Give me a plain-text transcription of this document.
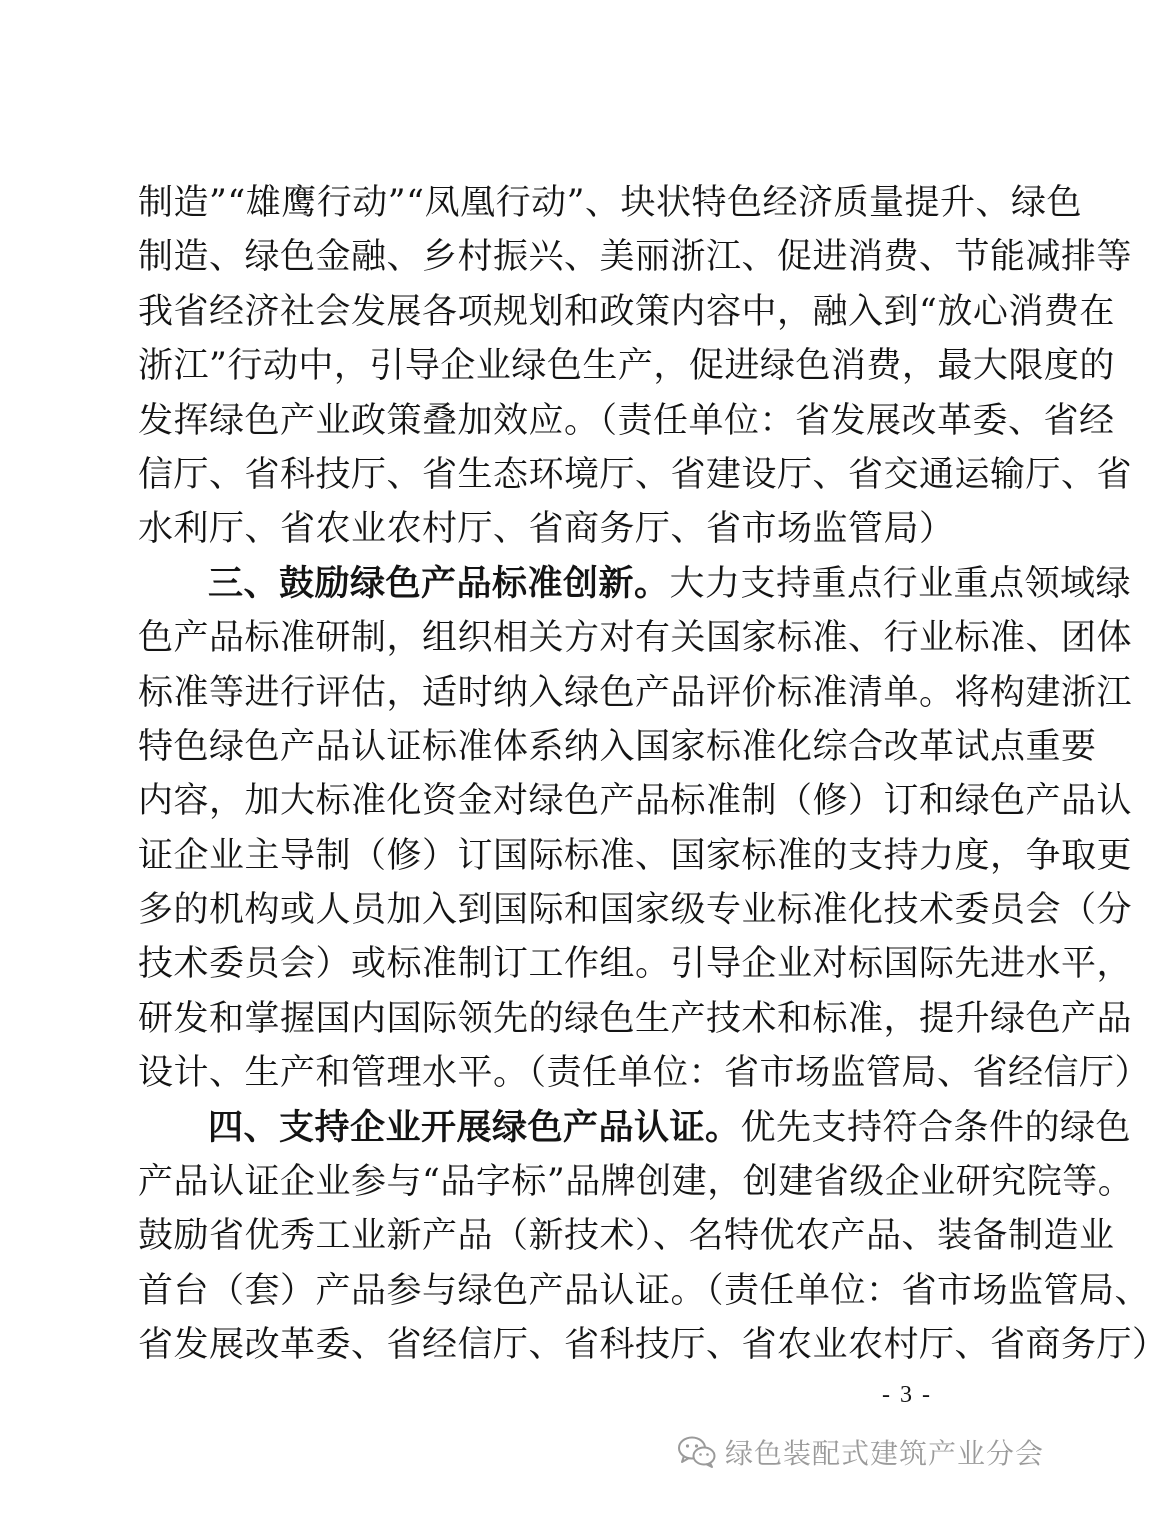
制造”“雄鹰行动”“凤凰行动”、块状特色经济质量提升、绿色
制造、绿色金融、乡村振兴、美丽浙江、促进消费、节能减排等
我省经济社会发展各项规划和政策内容中，融入到“放心消费在
浙江”行动中，引导企业绿色生产，促进绿色消费，最大限度的
发挥绿色产业政策叠加效应。（责任单位：省发展改革委、省经
信厅、省科技厅、省生态环境厅、省建设厅、省交通运输厅、省
水利厅、省农业农村厅、省商务厅、省市场监管局）
三、鼓励绿色产品标准创新。大力支持重点行业重点领域绿
色产品标准研制，组织相关方对有关国家标准、行业标准、团体
标准等进行评估，适时纳入绿色产品评价标准清单。将构建浙江
特色绿色产品认证标准体系纳入国家标准化综合改革试点重要
内容，加大标准化资金对绿色产品标准制（修）订和绿色产品认
证企业主导制（修）订国际标准、国家标准的支持力度，争取更
多的机构或人员加入到国际和国家级专业标准化技术委员会（分
技术委员会）或标准制订工作组。引导企业对标国际先进水平，
研发和掌握国内国际领先的绿色生产技术和标准，提升绿色产品
设计、生产和管理水平。（责任单位：省市场监管局、省经信厅）
四、支持企业开展绿色产品认证。优先支持符合条件的绿色
产品认证企业参与“品字标”品牌创建，创建省级企业研究院等。
鼓励省优秀工业新产品（新技术）、名特优农产品、装备制造业
首台（套）产品参与绿色产品认证。（责任单位：省市场监管局、
省发展改革委、省经信厅、省科技厅、省农业农村厅、省商务厅）
- 3 -
绿色装配式建筑产业分会
